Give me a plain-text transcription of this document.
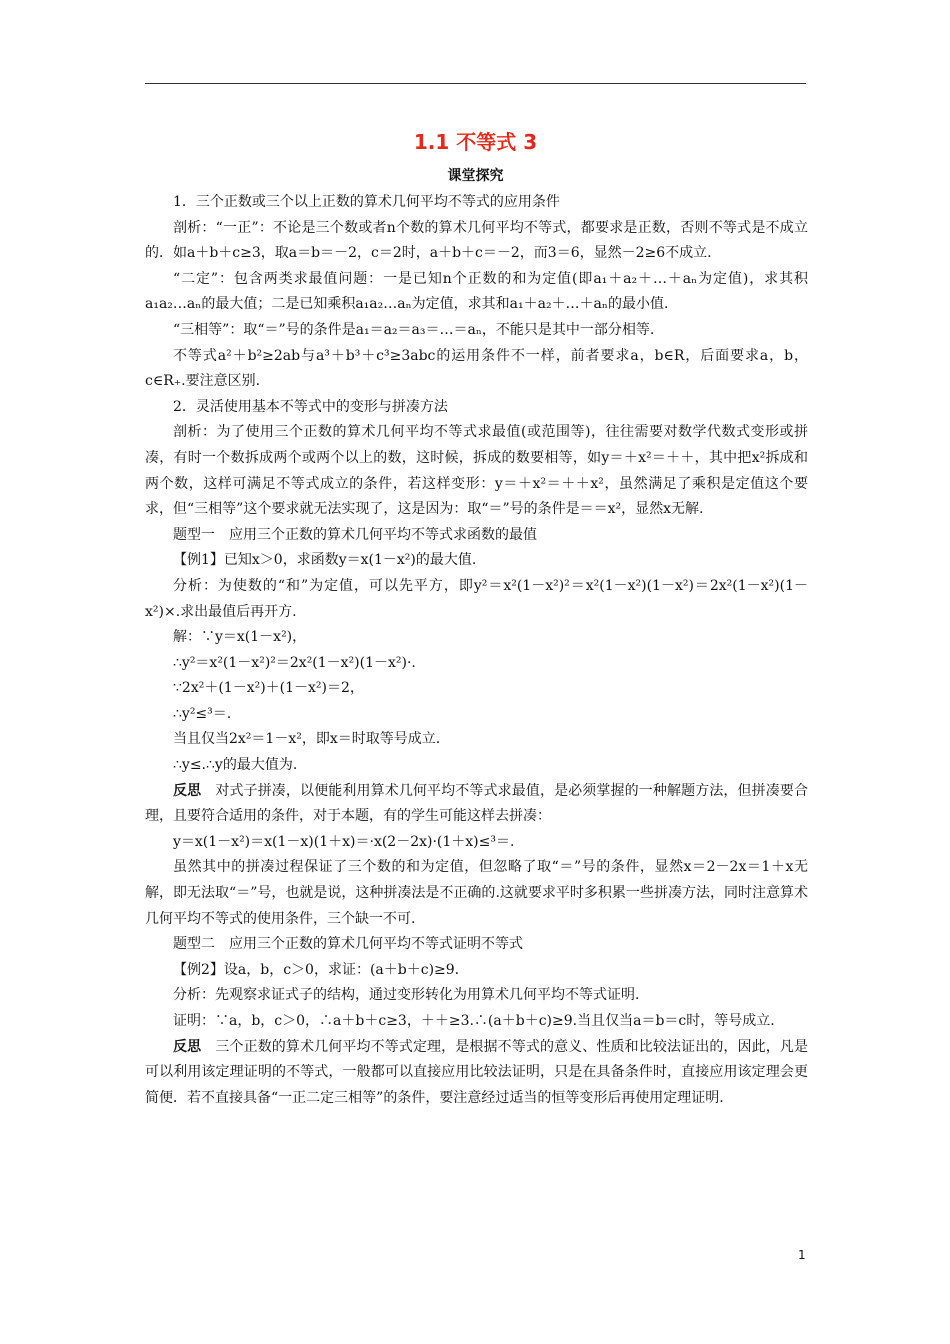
1.1 不等式 3
课堂探究

1．三个正数或三个以上正数的算术几何平均不等式的应用条件

剖析：“一正”：不论是三个数或者n个数的算术几何平均不等式，都要求是正数，否则不等式是不成立的．如a＋b＋c≥3，取a＝b＝－2，c＝2时，a＋b＋c＝－2，而3＝6，显然－2≥6不成立.

“二定”：包含两类求最值问题：一是已知n个正数的和为定值(即a₁＋a₂＋…＋aₙ为定值)，求其积a₁a₂…aₙ的最大值；二是已知乘积a₁a₂…aₙ为定值，求其和a₁＋a₂＋…＋aₙ的最小值.

“三相等”：取“＝”号的条件是a₁＝a₂＝a₃＝…＝aₙ，不能只是其中一部分相等.

不等式a²＋b²≥2ab与a³＋b³＋c³≥3abc的运用条件不一样，前者要求a，b∈R，后面要求a，b，c∈R₊.要注意区别.

2．灵活使用基本不等式中的变形与拼凑方法

剖析：为了使用三个正数的算术几何平均不等式求最值(或范围等)，往往需要对数学代数式变形或拼凑，有时一个数拆成两个或两个以上的数，这时候，拆成的数要相等，如y＝＋x²＝＋＋，其中把x²拆成和两个数，这样可满足不等式成立的条件，若这样变形：y＝＋x²＝＋＋x²，虽然满足了乘积是定值这个要求，但“三相等”这个要求就无法实现了，这是因为：取“＝”号的条件是＝＝x²，显然x无解.

题型一　应用三个正数的算术几何平均不等式求函数的最值

【例1】已知x＞0，求函数y＝x(1－x²)的最大值.

分析：为使数的“和”为定值，可以先平方，即y²＝x²(1－x²)²＝x²(1－x²)(1－x²)＝2x²(1－x²)(1－x²)×.求出最值后再开方.

解：∵y＝x(1－x²)，

∴y²＝x²(1－x²)²＝2x²(1－x²)(1－x²)·.

∵2x²＋(1－x²)＋(1－x²)＝2，

∴y²≤³＝.

当且仅当2x²＝1－x²，即x＝时取等号成立.

∴y≤.∴y的最大值为.

反思　对式子拼凑，以便能利用算术几何平均不等式求最值，是必须掌握的一种解题方法，但拼凑要合理，且要符合适用的条件，对于本题，有的学生可能这样去拼凑：

y＝x(1－x²)＝x(1－x)(1＋x)＝·x(2－2x)·(1＋x)≤³＝.

虽然其中的拼凑过程保证了三个数的和为定值，但忽略了取“＝”号的条件，显然x＝2－2x＝1＋x无解，即无法取“＝”号，也就是说，这种拼凑法是不正确的.这就要求平时多积累一些拼凑方法，同时注意算术几何平均不等式的使用条件，三个缺一不可.

题型二　应用三个正数的算术几何平均不等式证明不等式

【例2】设a，b，c＞0，求证：(a＋b＋c)≥9.

分析：先观察求证式子的结构，通过变形转化为用算术几何平均不等式证明.

证明：∵a，b，c＞0，∴a＋b＋c≥3，＋＋≥3.∴(a＋b＋c)≥9.当且仅当a＝b＝c时，等号成立.

反思　三个正数的算术几何平均不等式定理，是根据不等式的意义、性质和比较法证出的，因此，凡是可以利用该定理证明的不等式，一般都可以直接应用比较法证明，只是在具备条件时，直接应用该定理会更简便．若不直接具备“一正二定三相等”的条件，要注意经过适当的恒等变形后再使用定理证明.

1
